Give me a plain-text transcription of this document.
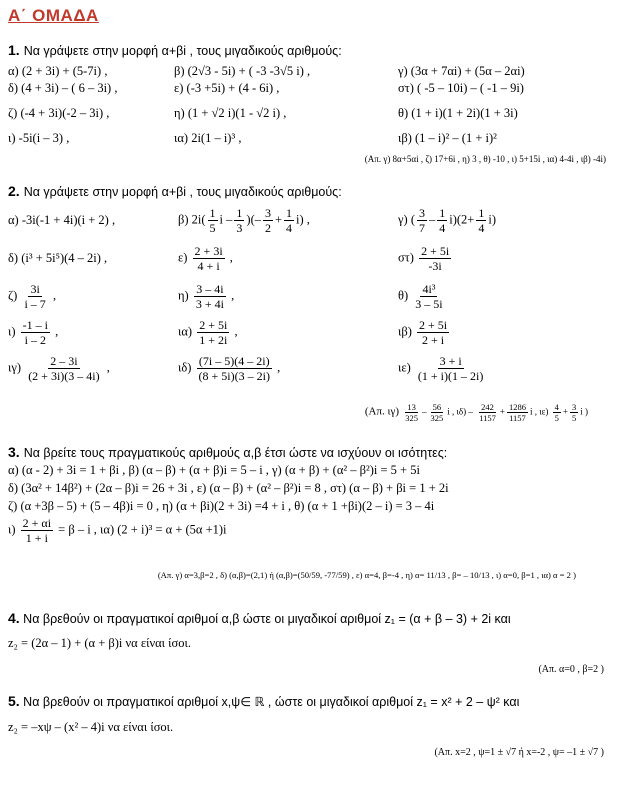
Α΄ ΟΜΑΔΑ
1. Να γράψετε στην μορφή α+βi , τους μιγαδικούς αριθμούς:
α) (2 + 3i) + (5-7i) ,	β) (2√3 - 5i) + ( -3 -3√5 i) ,	γ) (3α + 7αi) + (5α – 2αi)
δ) (4 + 3i) – ( 6 – 3i) ,	ε) (-3 +5i) + (4 - 6i) ,	στ) ( -5 – 10i) – ( -1 – 9i)
ζ) (-4 + 3i)(-2 – 3i) ,	η) (1 + √2 i)(1 - √2 i) ,	θ) (1 + i)(1 + 2i)(1 + 3i)
ι) -5i(i – 3) ,	ια) 2i(1 – i)³ ,	ιβ) (1 – i)² – (1 + i)²
(Απ. γ) 8α+5αi , ζ) 17+6i , η) 3 , θ) -10 , ι) 5+15i , ια) 4-4i , ιβ) -4i)
2. Να γράψετε στην μορφή α+βi , τους μιγαδικούς αριθμούς:
α) -3i(-1 + 4i)(i + 2) ,	β) $2i( \frac{1}{5}$ i – $\frac{1}{3}$ )(– $\frac{3}{2} + \frac{1}{4} i$) ,	γ) ( $\frac{3}{7} - \frac{1}{4} i)(2+ \frac{1}{4} i)$
δ) (i³ + 5i⁵)(4 – 2i) ,	$\varepsilon) \frac{2 + 3i}{4 + i}$ ,	$\sigma\tau) \frac{2 + 5i}{-3i}$
$\zeta) \frac{3i}{i - 7}$ ,	$\eta) \frac{3 - 4i}{3 + 4i}$ ,	$\theta) \frac{\text{4i³}}{3 - 5i}$
$\iota) \frac{-1 - i}{i - 2}$ ,	$\iota\alpha) \frac{2 + 5i}{1 + 2i}$ ,	$\iota\beta) \frac{2 + 5i}{2 + i}$
$\iota\gamma) \frac{2 - 3i}{(2 + 3i)(3 - 4i)}$ ,	$\iota\delta) \frac{(7i - 5)(4 - 2i)}{(8 + 5i)(3 - 2i)}$ ,	$\iota\varepsilon) \frac{3 + i}{(1 + i)(1 - 2i)}$
(Απ. $\iota\gamma) \frac{13}{325} - \frac{56}{325}$ i , $\iota\delta) - \frac{242}{1157} + \frac{1286}{1157}$ i , $\iota\varepsilon) \frac{4}{5} + \frac{3}{5}$ i )
3. Να βρείτε τους πραγματικούς αριθμούς α,β έτσι ώστε να ισχύουν οι ισότητες:
α) (α - 2) + 3i = 1 + βi , β) (α – β) + (α + β)i = 5 – i , γ) (α + β) + (α² – β²)i = 5 + 5i
δ) (3α² + 14β²) + (2α – β)i = 26 + 3i , ε) (α – β) + (α² – β²)i = 8 , στ) (α – β) + βi = 1 + 2i
ζ) (α +3β – 5) + (5 – 4β)i = 0 , η) (α + βi)(2 + 3i) =4 + i , θ) (α + 1 +βi)(2 – i) = 3 – 4i
$\iota) \frac{2 + \alpha i}{1 + i} = \beta - i$ , ια) (2 + i)³ = α + (5α +1)i
(Απ. γ) α=3,β=2 , δ) (α,β)=(2,1) ή (α,β)=(50/59, -77/59) , ε) α=4, β=-4 , η) α= 11/13 , β= – 10/13 , ι) α=0, β=1 , ια) α = 2 )
4. Να βρεθούν οι πραγματικοί αριθμοί α,β ώστε οι μιγαδικοί αριθμοί z₁ = (α + β – 3) + 2i και
z₂ = (2α – 1) + (α + β)i να είναι ίσοι.
(Απ. α=0 , β=2 )
5. Να βρεθούν οι πραγματικοί αριθμοί x,ψ∈ ℝ , ώστε οι μιγαδικοί αριθμοί z₁ = x² + 2 – ψ² και
z₂ = –xψ – (x² – 4)i να είναι ίσοι.
(Απ. x=2 , ψ=1 ± √7 ή x=-2 , ψ= –1 ± √7 )
